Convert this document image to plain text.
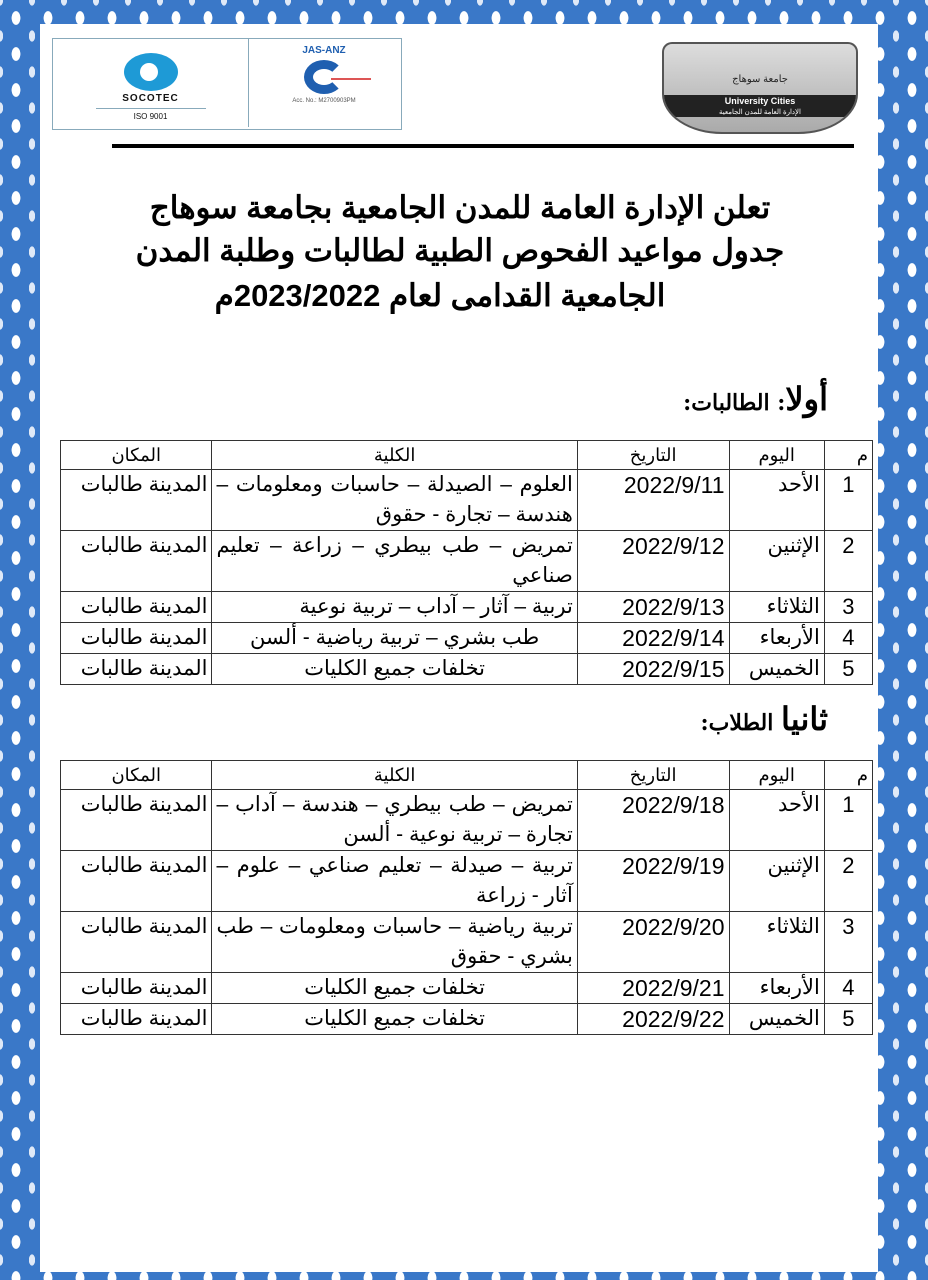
SOCOTEC
ISO 9001
JAS-ANZ
Acc. No.: M2700903PM
جامعة سوهاج
University Cities
الإدارة العامة للمدن الجامعية
تعلن الإدارة العامة للمدن الجامعية بجامعة سوهاج
جدول مواعيد الفحوص الطبية لطالبات وطلبة المدن
الجامعية القدامى لعام 2023/2022م
أولا: الطالبات:
م	اليوم	التاريخ	الكلية	المكان
1	الأحد	2022/9/11	العلوم – الصيدلة – حاسبات ومعلومات – هندسة – تجارة - حقوق	المدينة طالبات
2	الإثنين	2022/9/12	تمريض – طب بيطري – زراعة – تعليم صناعي	المدينة طالبات
3	الثلاثاء	2022/9/13	تربية – آثار – آداب – تربية نوعية	المدينة طالبات
4	الأربعاء	2022/9/14	طب بشري – تربية رياضية - ألسن	المدينة طالبات
5	الخميس	2022/9/15	تخلفات جميع الكليات	المدينة طالبات
ثانيا الطلاب:
م	اليوم	التاريخ	الكلية	المكان
1	الأحد	2022/9/18	تمريض – طب بيطري – هندسة – آداب – تجارة – تربية نوعية - ألسن	المدينة طالبات
2	الإثنين	2022/9/19	تربية – صيدلة – تعليم صناعي – علوم – آثار - زراعة	المدينة طالبات
3	الثلاثاء	2022/9/20	تربية رياضية – حاسبات ومعلومات – طب بشري - حقوق	المدينة طالبات
4	الأربعاء	2022/9/21	تخلفات جميع الكليات	المدينة طالبات
5	الخميس	2022/9/22	تخلفات جميع الكليات	المدينة طالبات
